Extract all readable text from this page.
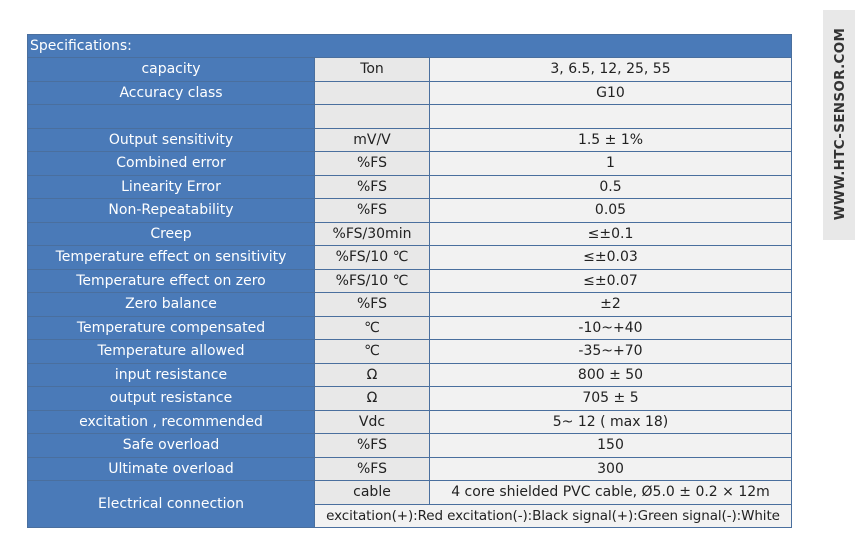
Specifications:		
capacity	Ton	3, 6.5, 12, 25, 55
Accuracy class		G10

Output sensitivity	mV/V	1.5 ± 1%
Combined error	%FS	1
Linearity Error	%FS	0.5
Non-Repeatability	%FS	0.05
Creep	%FS/30min	≤±0.1
Temperature effect on sensitivity	%FS/10 ℃	≤±0.03
Temperature effect on zero	%FS/10 ℃	≤±0.07
Zero balance	%FS	±2
Temperature compensated	℃	-10~+40
Temperature allowed	℃	-35~+70
input resistance	Ω	800 ± 50
output resistance	Ω	705 ± 5
excitation , recommended	Vdc	5~ 12 ( max 18)
Safe overload	%FS	150
Ultimate overload	%FS	300
Electrical connection	cable	4 core shielded PVC cable, Ø5.0 ± 0.2 × 12m
	excitation(+):Red excitation(-):Black signal(+):Green signal(-):White	
WWW.HTC-SENSOR.COM
